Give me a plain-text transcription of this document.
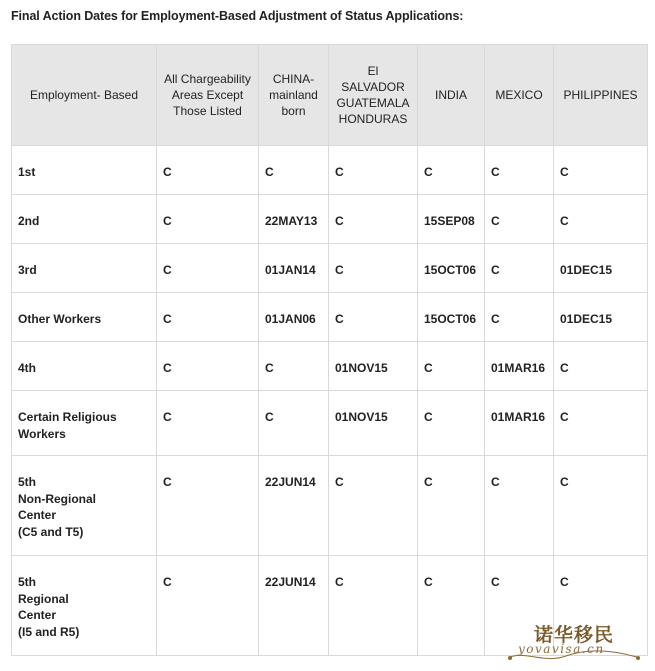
Final Action Dates for Employment-Based Adjustment of Status Applications:
Employment- Based	All Chargeability Areas Except Those Listed	CHINA-
mainland
born	El
SALVADOR
GUATEMALA
HONDURAS	INDIA	MEXICO	PHILIPPINES
1st	C	C	C	C	C	C
2nd	C	22MAY13	C	15SEP08	C	C
3rd	C	01JAN14	C	15OCT06	C	01DEC15
Other Workers	C	01JAN06	C	15OCT06	C	01DEC15
4th	C	C	01NOV15	C	01MAR16	C
Certain Religious Workers	C	C	01NOV15	C	01MAR16	C
5th
Non-Regional
Center
(C5 and T5)	C	22JUN14	C	C	C	C
5th
Regional
Center
(I5 and R5)	C	22JUN14	C	C	C	C
诺华移民
yovavisa.cn
